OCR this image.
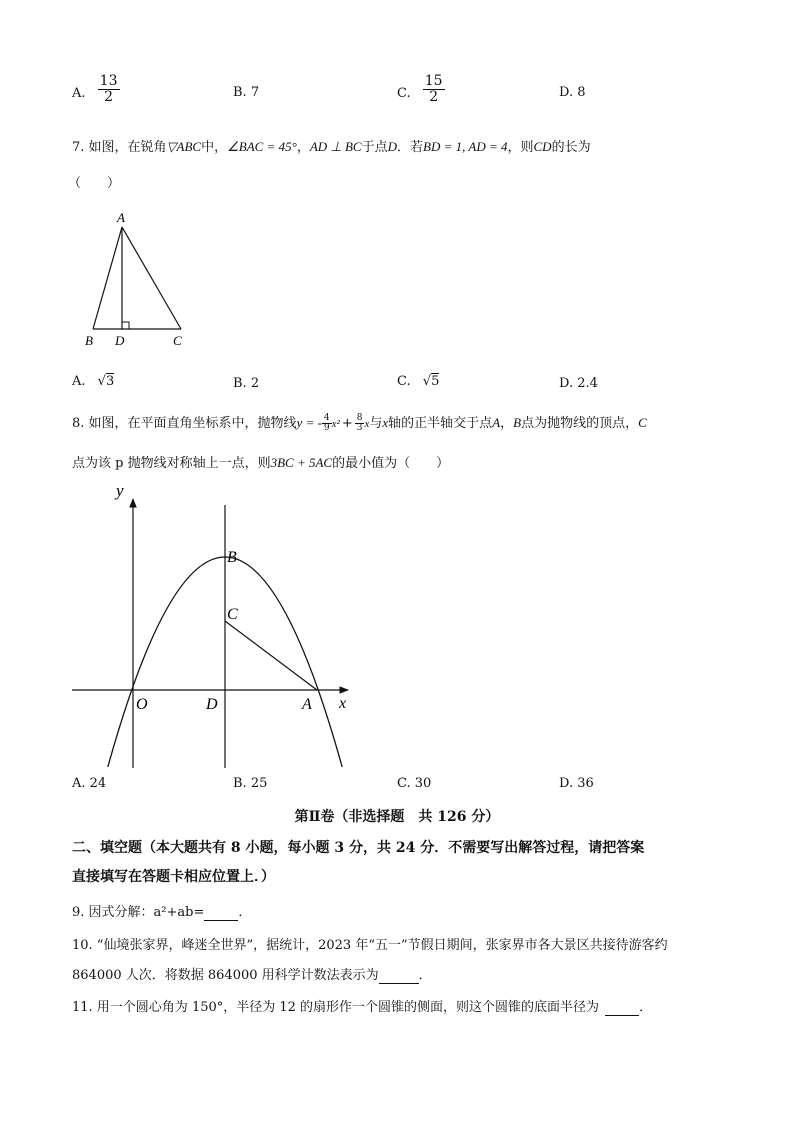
A. $\frac{13}{2}$	B. 7	C. $\frac{15}{2}$	D. 8
7. 如图，在锐角▽ABC中，∠BAC = 45°，AD ⊥ BC于点D．若BD = 1, AD = 4，则CD的长为
（　　）
A
B D	C
A. √3	B. 2	C. √5	D. 2.4
8. 如图，在平面直角坐标系中，抛物线y = - $\frac{4}{9} x^2 + \frac{8}{3}$ x与x轴的正半轴交于点A，B点为抛物线的顶点，C
点为该 p 抛物线对称轴上一点，则3BC + 5AC的最小值为（　　）
y
x
O	D	A
B
C
A. 24	B. 25	C. 30	D. 36
第Ⅱ卷（非选择题　共 126 分）
二、填空题（本大题共有 8 小题，每小题 3 分，共 24 分．不需要写出解答过程，请把答案
直接填写在答题卡相应位置上．）
9. 因式分解：a²+ab=	．
10. “仙境张家界，峰迷全世界”，据统计，2023 年“五一”节假日期间，张家界市各大景区共接待游客约
864000 人次．将数据 864000 用科学计数法表示为	．
11. 用一个圆心角为 150°，半径为 12 的扇形作一个圆锥的侧面，则这个圆锥的底面半径为	．
